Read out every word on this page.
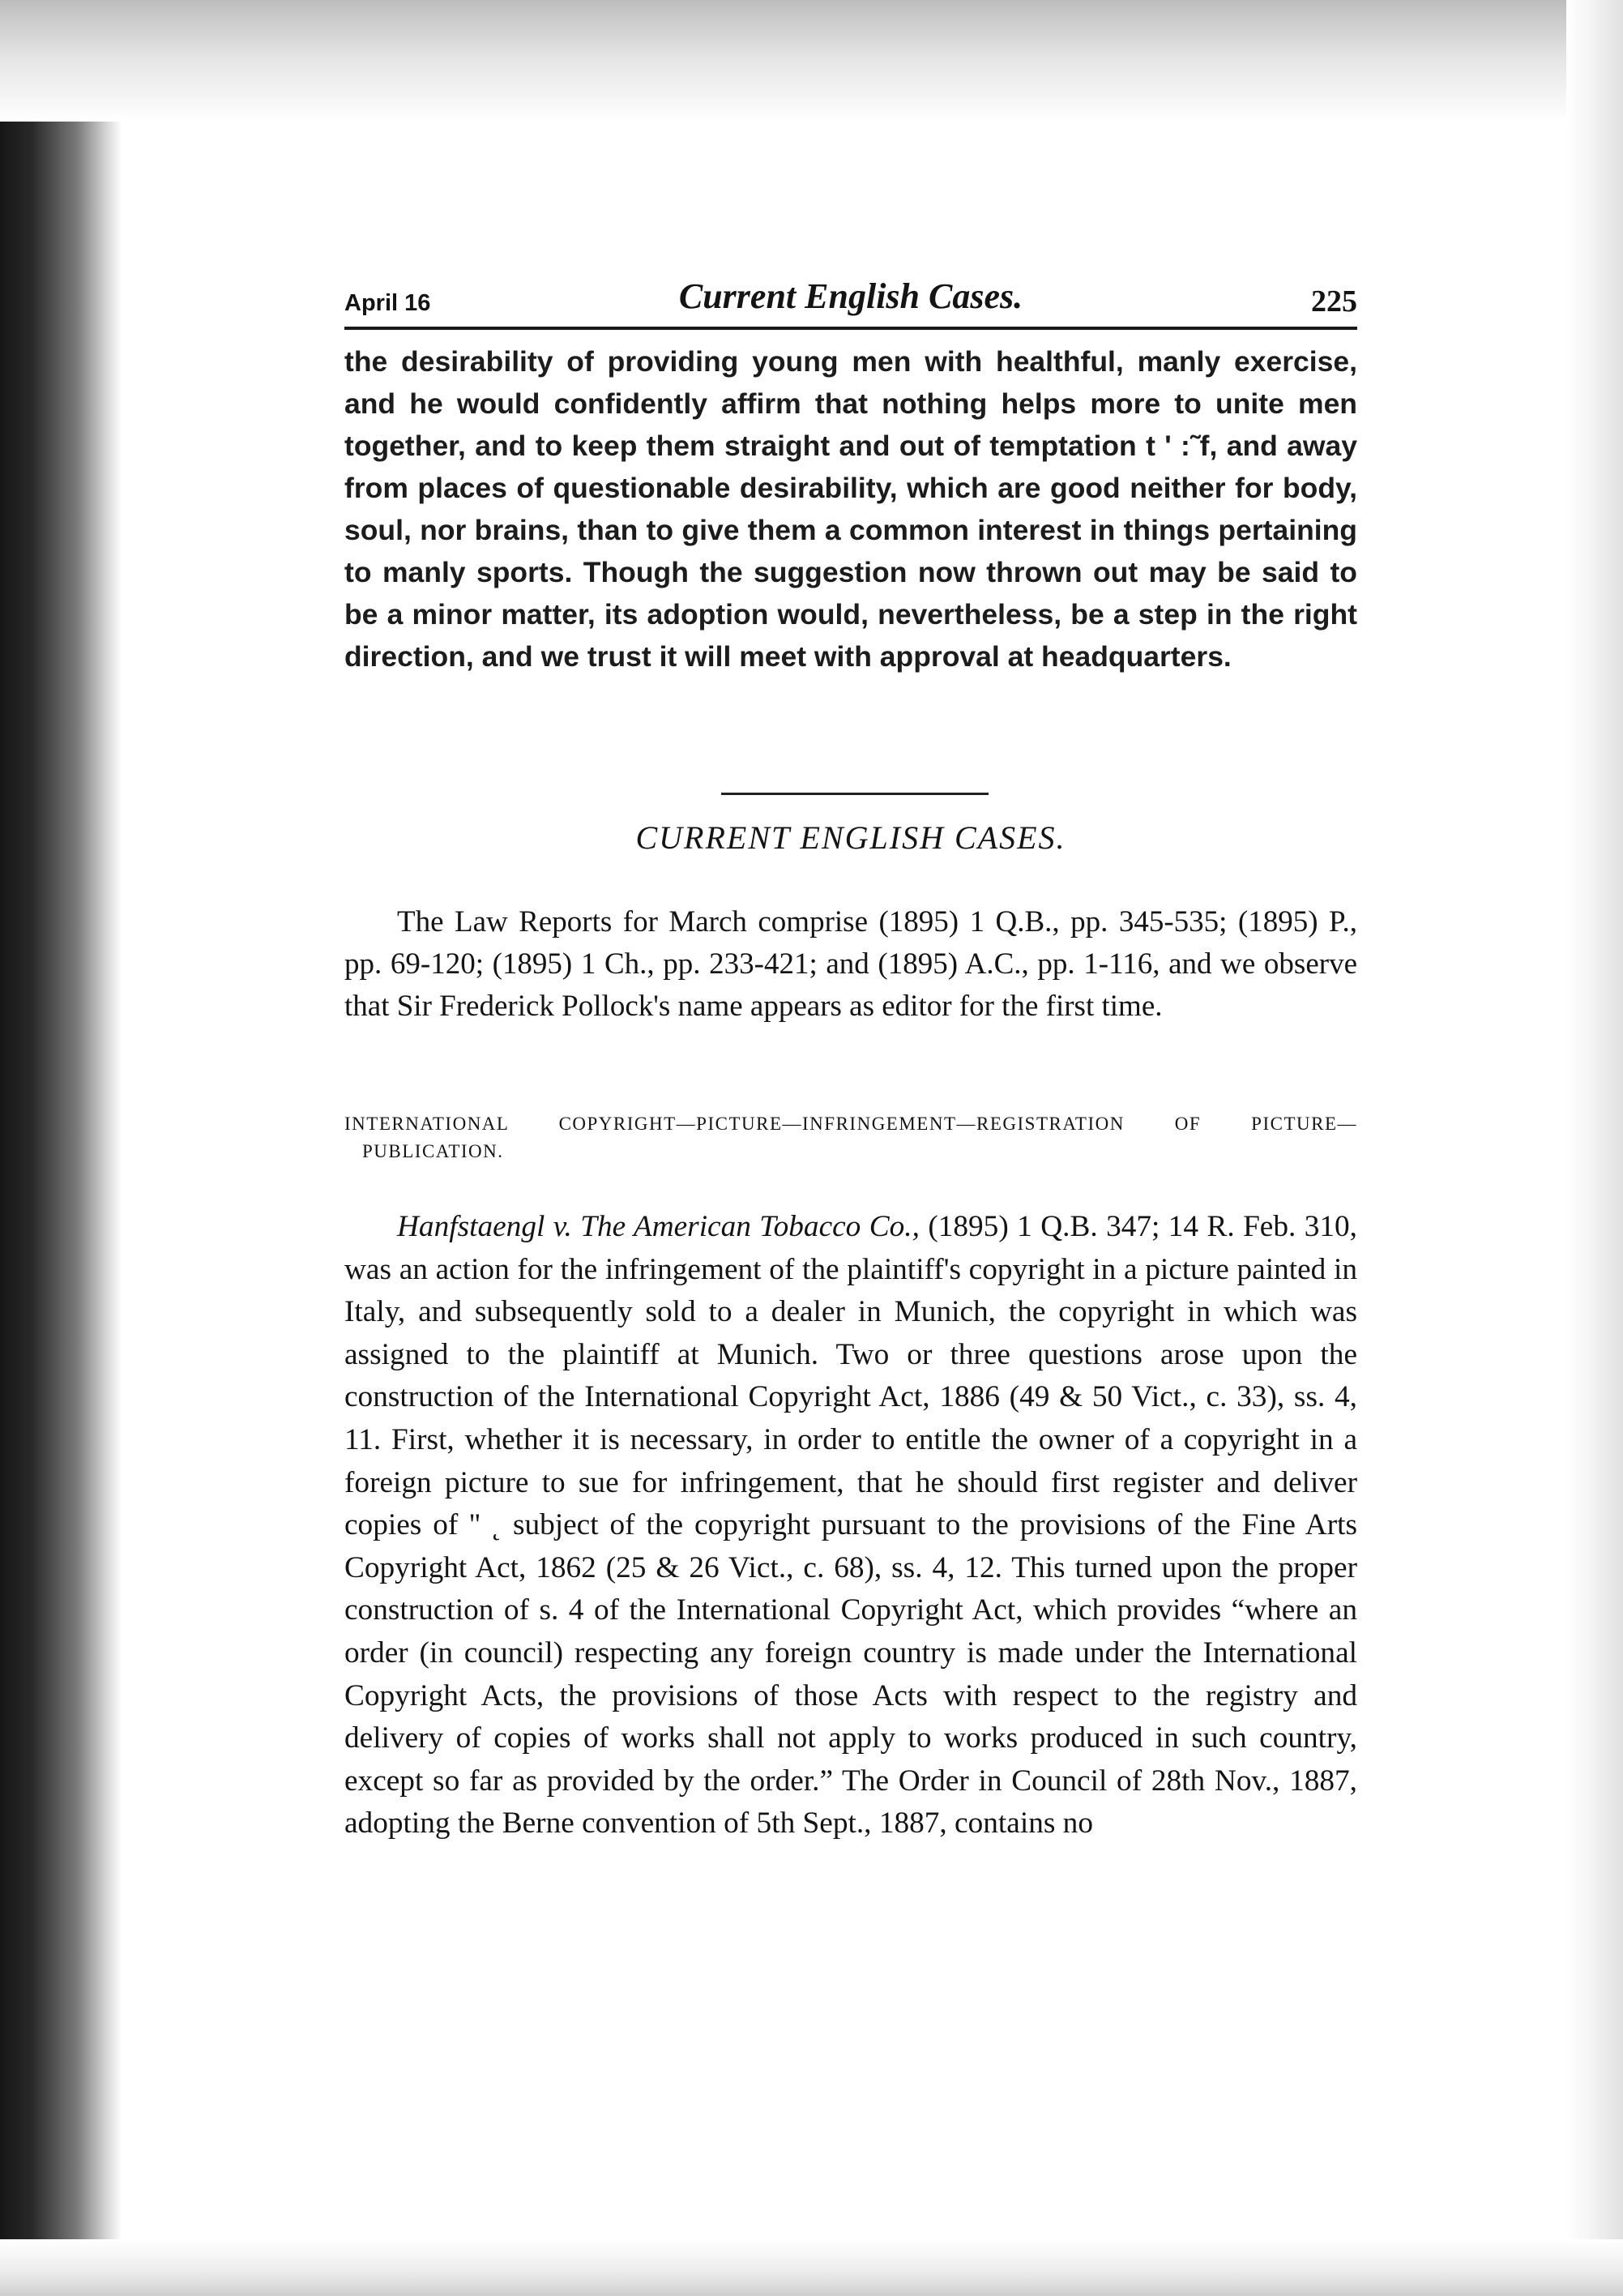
April 16	Current English Cases.	225

the desirability of providing young men with healthful, manly exercise, and he would confidently affirm that nothing helps more to unite men together, and to keep them straight and out of temptation t ' :˜f, and away from places of questionable desirability, which are good neither for body, soul, nor brains, than to give them a common interest in things pertaining to manly sports. Though the suggestion now thrown out may be said to be a minor matter, its adoption would, nevertheless, be a step in the right direction, and we trust it will meet with approval at headquarters.

CURRENT ENGLISH CASES.

The Law Reports for March comprise (1895) 1 Q.B., pp. 345-535; (1895) P., pp. 69-120; (1895) 1 Ch., pp. 233-421; and (1895) A.C., pp. 1-116, and we observe that Sir Frederick Pollock's name appears as editor for the first time.

INTERNATIONAL COPYRIGHT—PICTURE—INFRINGEMENT—REGISTRATION OF PICTURE—PUBLICATION.

Hanfstaengl v. The American Tobacco Co., (1895) 1 Q.B. 347; 14 R. Feb. 310, was an action for the infringement of the plaintiff's copyright in a picture painted in Italy, and subsequently sold to a dealer in Munich, the copyright in which was assigned to the plaintiff at Munich. Two or three questions arose upon the construction of the International Copyright Act, 1886 (49 & 50 Vict., c. 33), ss. 4, 11. First, whether it is necessary, in order to entitle the owner of a copyright in a foreign picture to sue for infringement, that he should first register and deliver copies of '' ˛ subject of the copyright pursuant to the provisions of the Fine Arts Copyright Act, 1862 (25 & 26 Vict., c. 68), ss. 4, 12. This turned upon the proper construction of s. 4 of the International Copyright Act, which provides “where an order (in council) respecting any foreign country is made under the International Copyright Acts, the provisions of those Acts with respect to the registry and delivery of copies of works shall not apply to works produced in such country, except so far as provided by the order.” The Order in Council of 28th Nov., 1887, adopting the Berne convention of 5th Sept., 1887, contains no
